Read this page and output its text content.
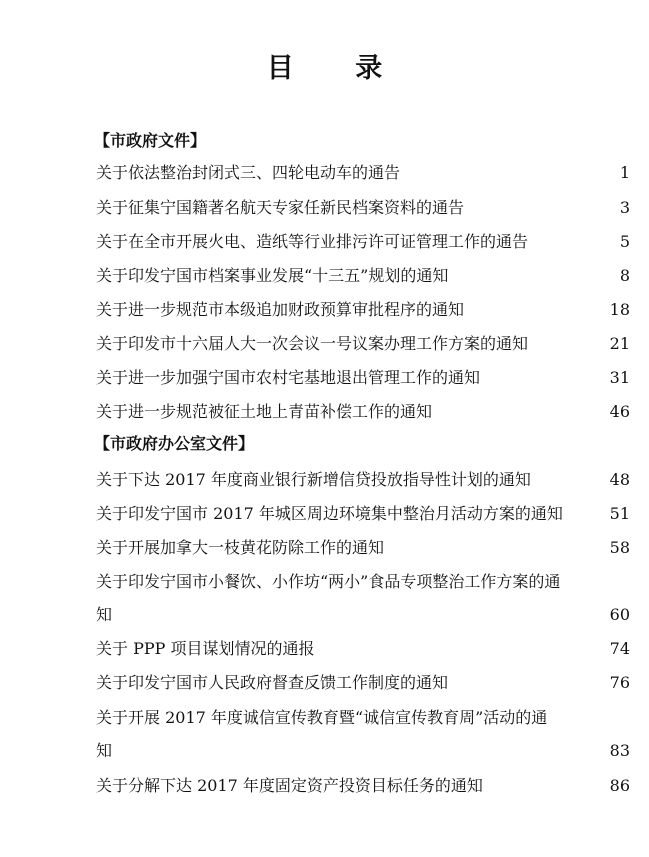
目 录
【市政府文件】
关于依法整治封闭式三、四轮电动车的通告	1
关于征集宁国籍著名航天专家任新民档案资料的通告	3
关于在全市开展火电、造纸等行业排污许可证管理工作的通告	5
关于印发宁国市档案事业发展“十三五”规划的通知	8
关于进一步规范市本级追加财政预算审批程序的通知	18
关于印发市十六届人大一次会议一号议案办理工作方案的通知	21
关于进一步加强宁国市农村宅基地退出管理工作的通知	31
关于进一步规范被征土地上青苗补偿工作的通知	46
【市政府办公室文件】
关于下达 2017 年度商业银行新增信贷投放指导性计划的通知	48
关于印发宁国市 2017 年城区周边环境集中整治月活动方案的通知	51
关于开展加拿大一枝黄花防除工作的通知	58
关于印发宁国市小餐饮、小作坊“两小”食品专项整治工作方案的通
知	60
关于 PPP 项目谋划情况的通报	74
关于印发宁国市人民政府督查反馈工作制度的通知	76
关于开展 2017 年度诚信宣传教育暨“诚信宣传教育周”活动的通
知	83
关于分解下达 2017 年度固定资产投资目标任务的通知	86
